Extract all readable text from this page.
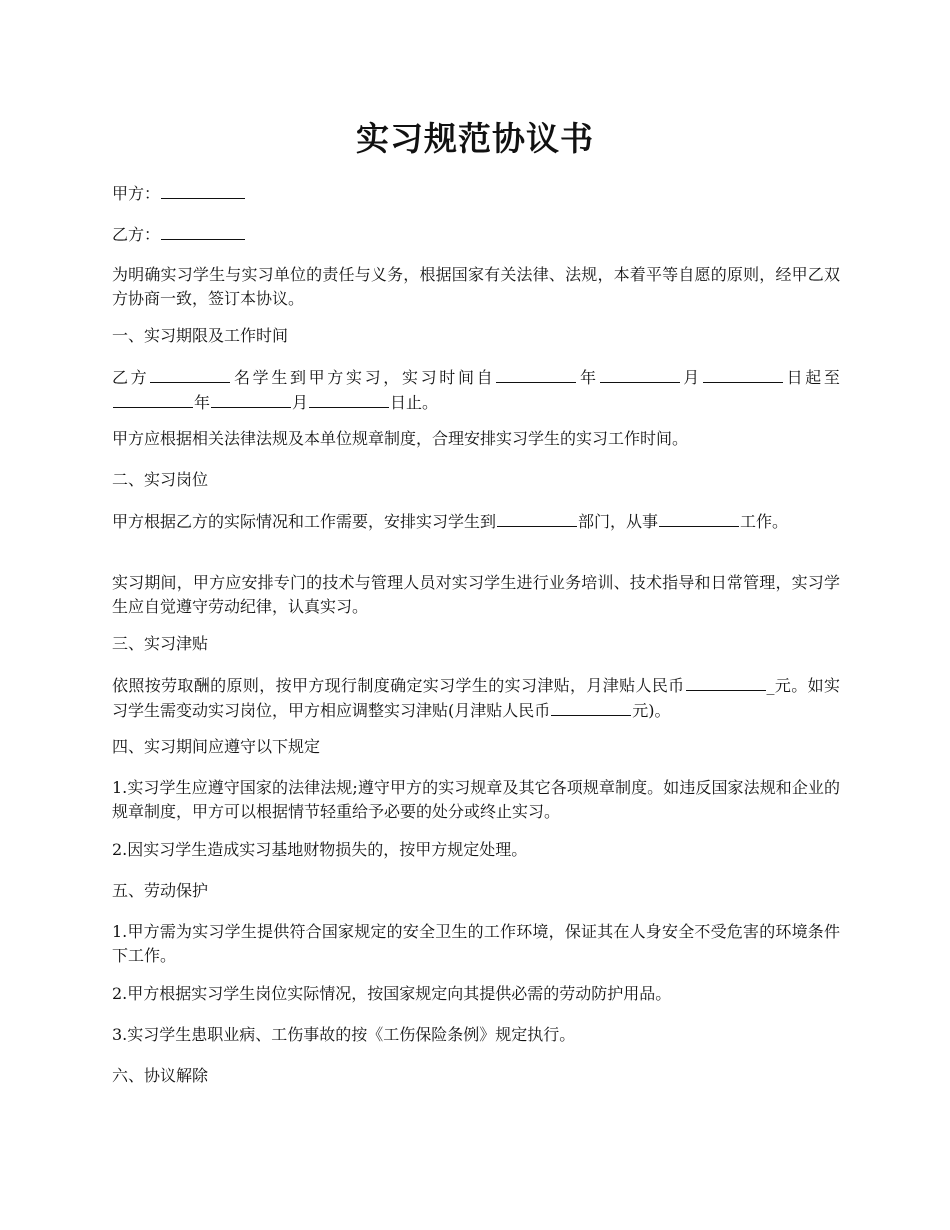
实习规范协议书

甲方：

乙方：

为明确实习学生与实习单位的责任与义务，根据国家有关法律、法规，本着平等自愿的原则，经甲乙双方协商一致，签订本协议。

一、实习期限及工作时间

乙方	名学生到甲方实习，实习时间自	年	月	日起至年	月	日止。

甲方应根据相关法律法规及本单位规章制度，合理安排实习学生的实习工作时间。

二、实习岗位

甲方根据乙方的实际情况和工作需要，安排实习学生到	部门，从事	工作。

实习期间，甲方应安排专门的技术与管理人员对实习学生进行业务培训、技术指导和日常管理，实习学生应自觉遵守劳动纪律，认真实习。

三、实习津贴

依照按劳取酬的原则，按甲方现行制度确定实习学生的实习津贴，月津贴人民币	_元。如实习学生需变动实习岗位，甲方相应调整实习津贴(月津贴人民币	元)。

四、实习期间应遵守以下规定

1.实习学生应遵守国家的法律法规;遵守甲方的实习规章及其它各项规章制度。如违反国家法规和企业的规章制度，甲方可以根据情节轻重给予必要的处分或终止实习。

2.因实习学生造成实习基地财物损失的，按甲方规定处理。

五、劳动保护

1.甲方需为实习学生提供符合国家规定的安全卫生的工作环境，保证其在人身安全不受危害的环境条件下工作。

2.甲方根据实习学生岗位实际情况，按国家规定向其提供必需的劳动防护用品。

3.实习学生患职业病、工伤事故的按《工伤保险条例》规定执行。

六、协议解除
